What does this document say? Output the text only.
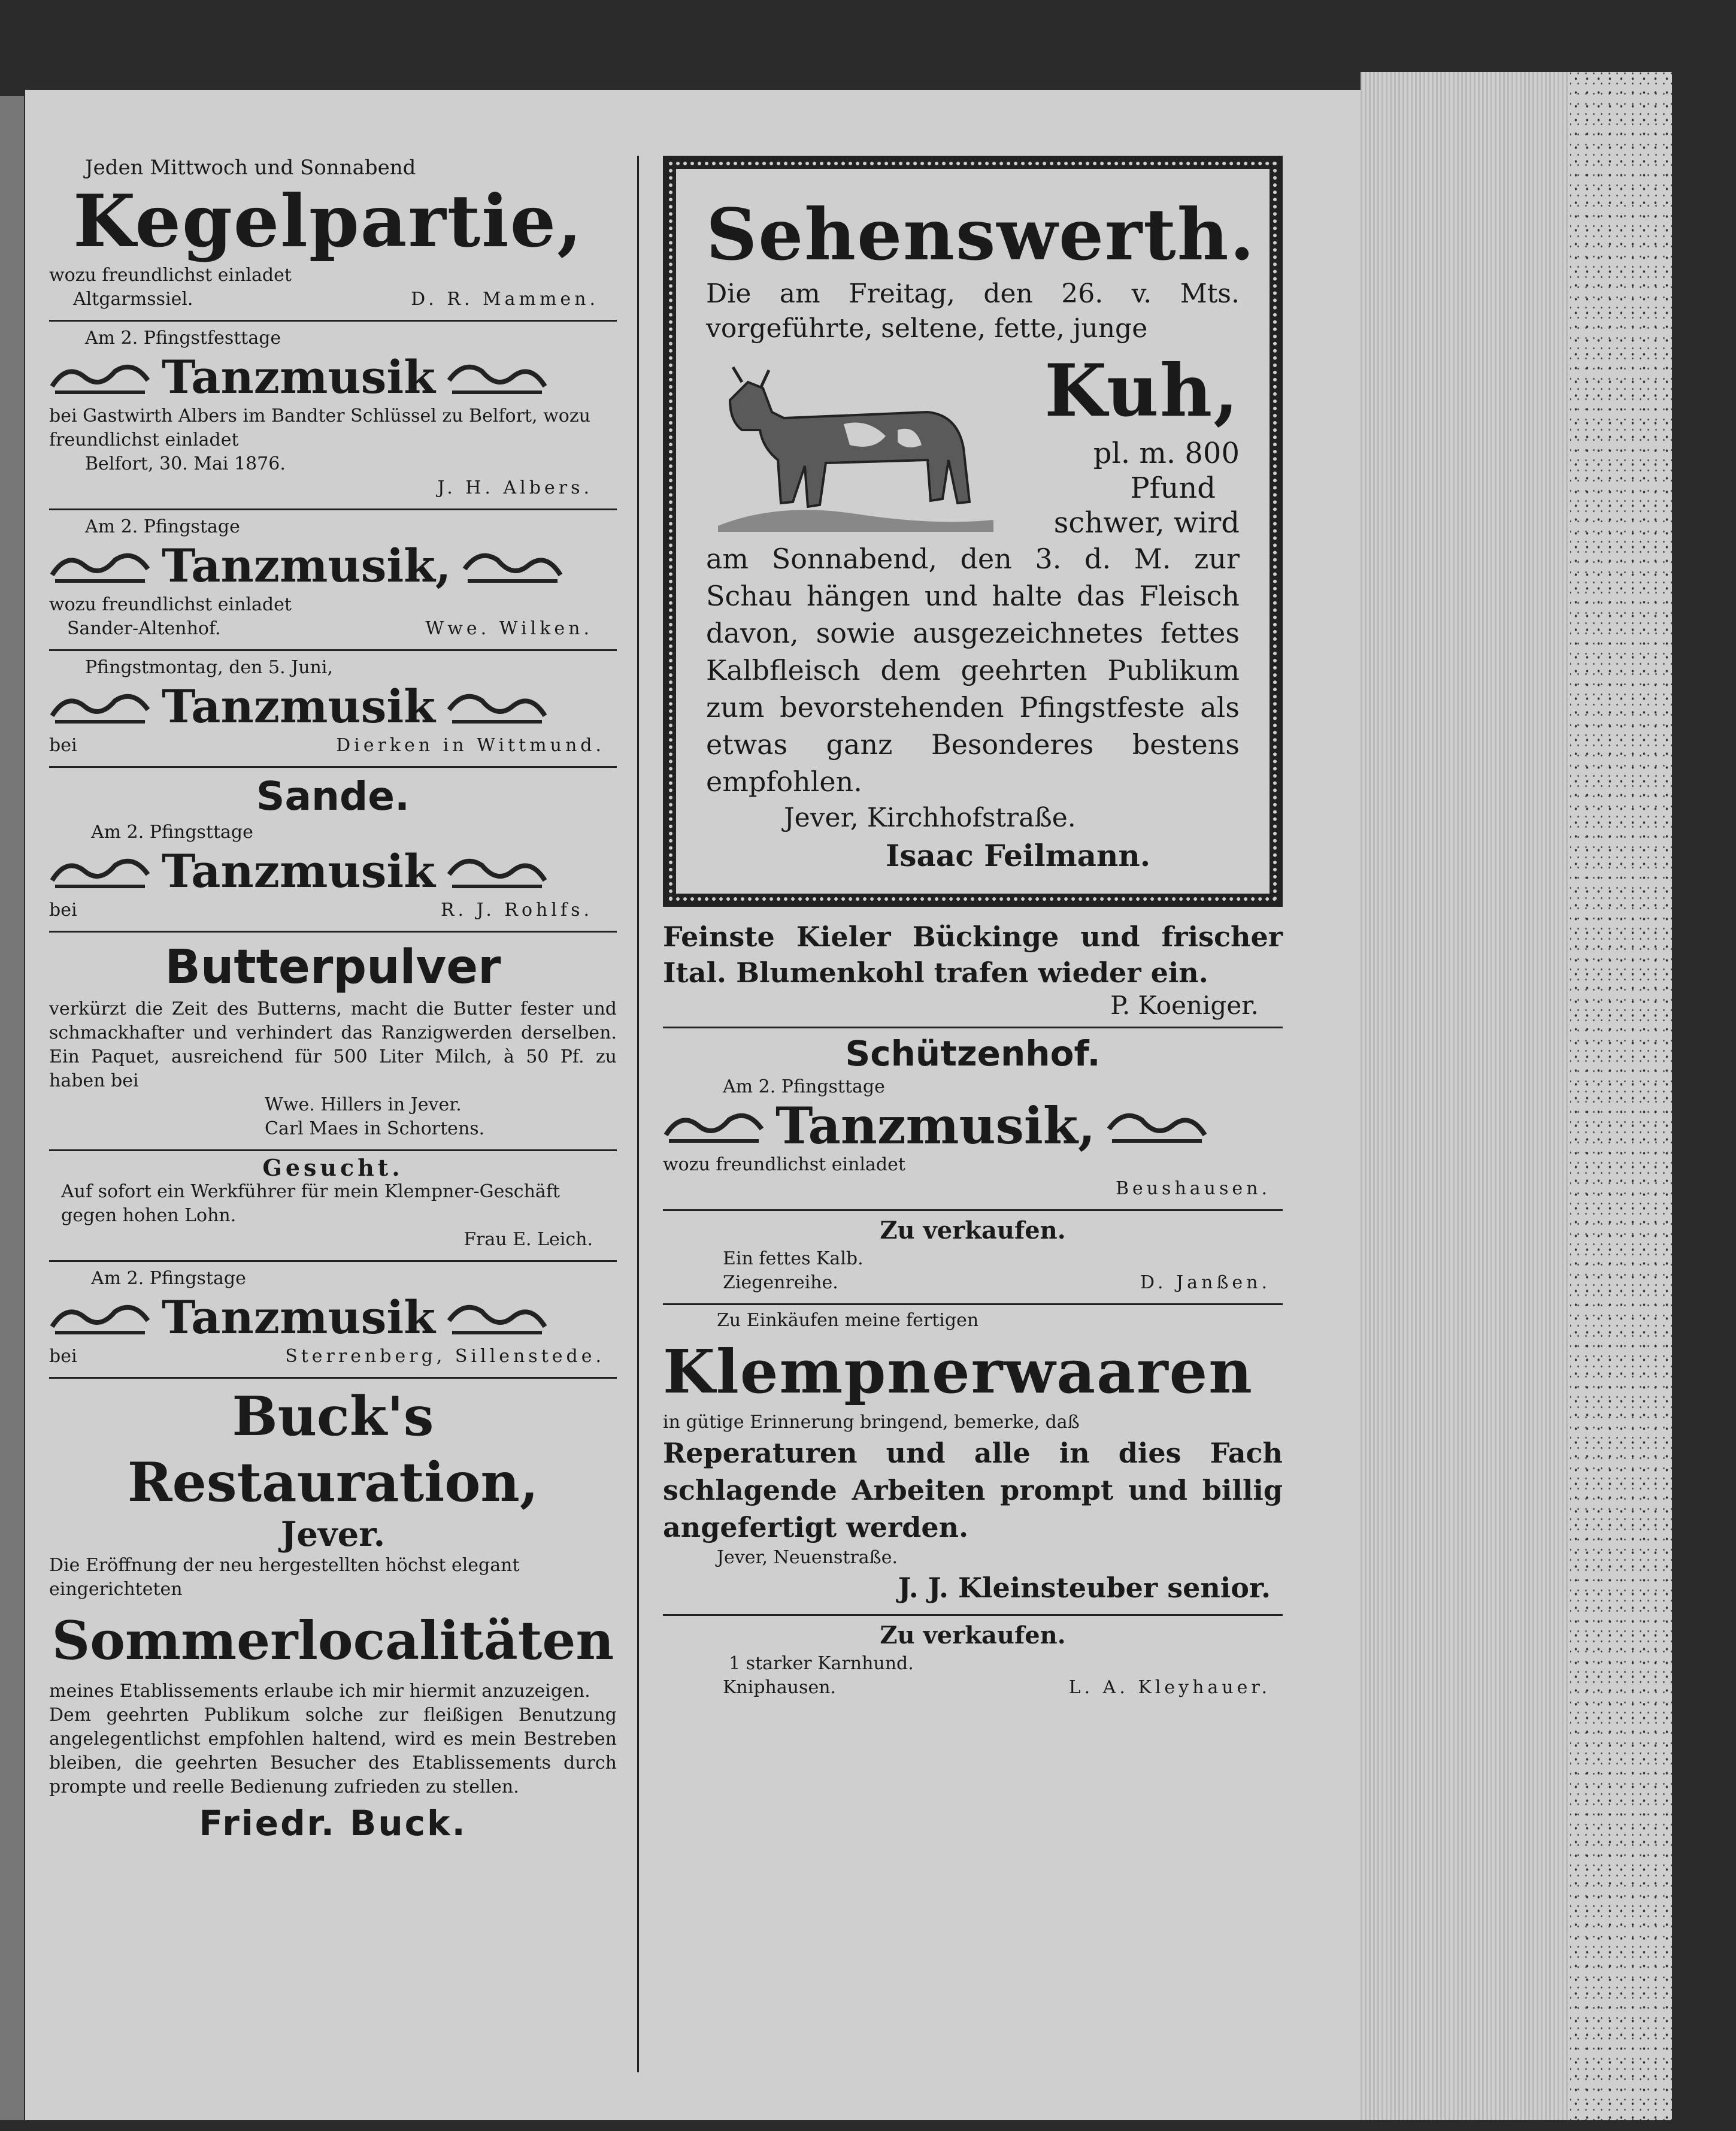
Jeden Mittwoch und Sonnabend
Kegelpartie,
wozu freundlichst einladet
Altgarmssiel.	D. R. Mammen.
Am 2. Pfingstfesttage
Tanzmusik
bei Gastwirth Albers im Bandter Schlüssel zu Belfort, wozu freundlichst einladet
Belfort, 30. Mai 1876.
J. H. Albers.
Am 2. Pfingstage
Tanzmusik,
wozu freundlichst einladet
Sander-Altenhof.	Wwe. Wilken.
Pfingstmontag, den 5. Juni,
Tanzmusik
bei	Dierken in Wittmund.
Sande.
Am 2. Pfingsttage
Tanzmusik
bei	R. J. Rohlfs.
Butterpulver
verkürzt die Zeit des Butterns, macht die Butter fester und schmackhafter und verhindert das Ranzigwerden derselben. Ein Paquet, ausreichend für 500 Liter Milch, à 50 Pf. zu haben bei
Wwe. Hillers in Jever.
Carl Maes in Schortens.
Gesucht.
Auf sofort ein Werkführer für mein Klempner-Geschäft gegen hohen Lohn.
Frau E. Leich.
Am 2. Pfingstage
Tanzmusik
bei	Sterrenberg, Sillenstede.
Buck's Restauration,
Jever.
Die Eröffnung der neu hergestellten höchst elegant eingerichteten
Sommerlocalitäten
meines Etablissements erlaube ich mir hiermit anzuzeigen.
Dem geehrten Publikum solche zur fleißigen Benutzung angelegentlichst empfohlen haltend, wird es mein Bestreben bleiben, die geehrten Besucher des Etablissements durch prompte und reelle Bedienung zufrieden zu stellen.
Friedr. Buck.
Sehenswerth.
Die am Freitag, den 26. v. Mts. vorgeführte, seltene, fette, junge
Kuh,
pl. m. 800
Pfund
schwer, wird
am Sonnabend, den 3. d. M. zur Schau hängen und halte das Fleisch davon, sowie ausgezeichnetes fettes Kalbfleisch dem geehrten Publikum zum bevorstehenden Pfingstfeste als etwas ganz Besonderes bestens empfohlen.
Jever, Kirchhofstraße.
Isaac Feilmann.
Feinste Kieler Bückinge und frischer Ital. Blumenkohl trafen wieder ein.
P. Koeniger.
Schützenhof.
Am 2. Pfingsttage
Tanzmusik,
wozu freundlichst einladet
Beushausen.
Zu verkaufen.
Ein fettes Kalb.
Ziegenreihe.	D. Janßen.
Zu Einkäufen meine fertigen
Klempnerwaaren
in gütige Erinnerung bringend, bemerke, daß
Reperaturen und alle in dies Fach schlagende Arbeiten prompt und billig angefertigt werden.
Jever, Neuenstraße.
J. J. Kleinsteuber senior.
Zu verkaufen.
1 starker Karnhund.
Kniphausen.	L. A. Kleyhauer.
